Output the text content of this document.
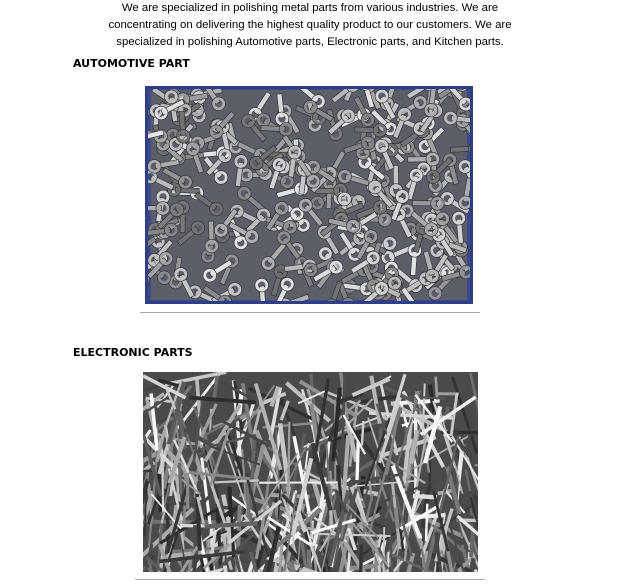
We are specialized in polishing metal parts from various industries. We are
concentrating on delivering the highest quality product to our customers. We are
specialized in polishing Automotive parts, Electronic parts, and Kitchen parts.
AUTOMOTIVE PART
ELECTRONIC PARTS
